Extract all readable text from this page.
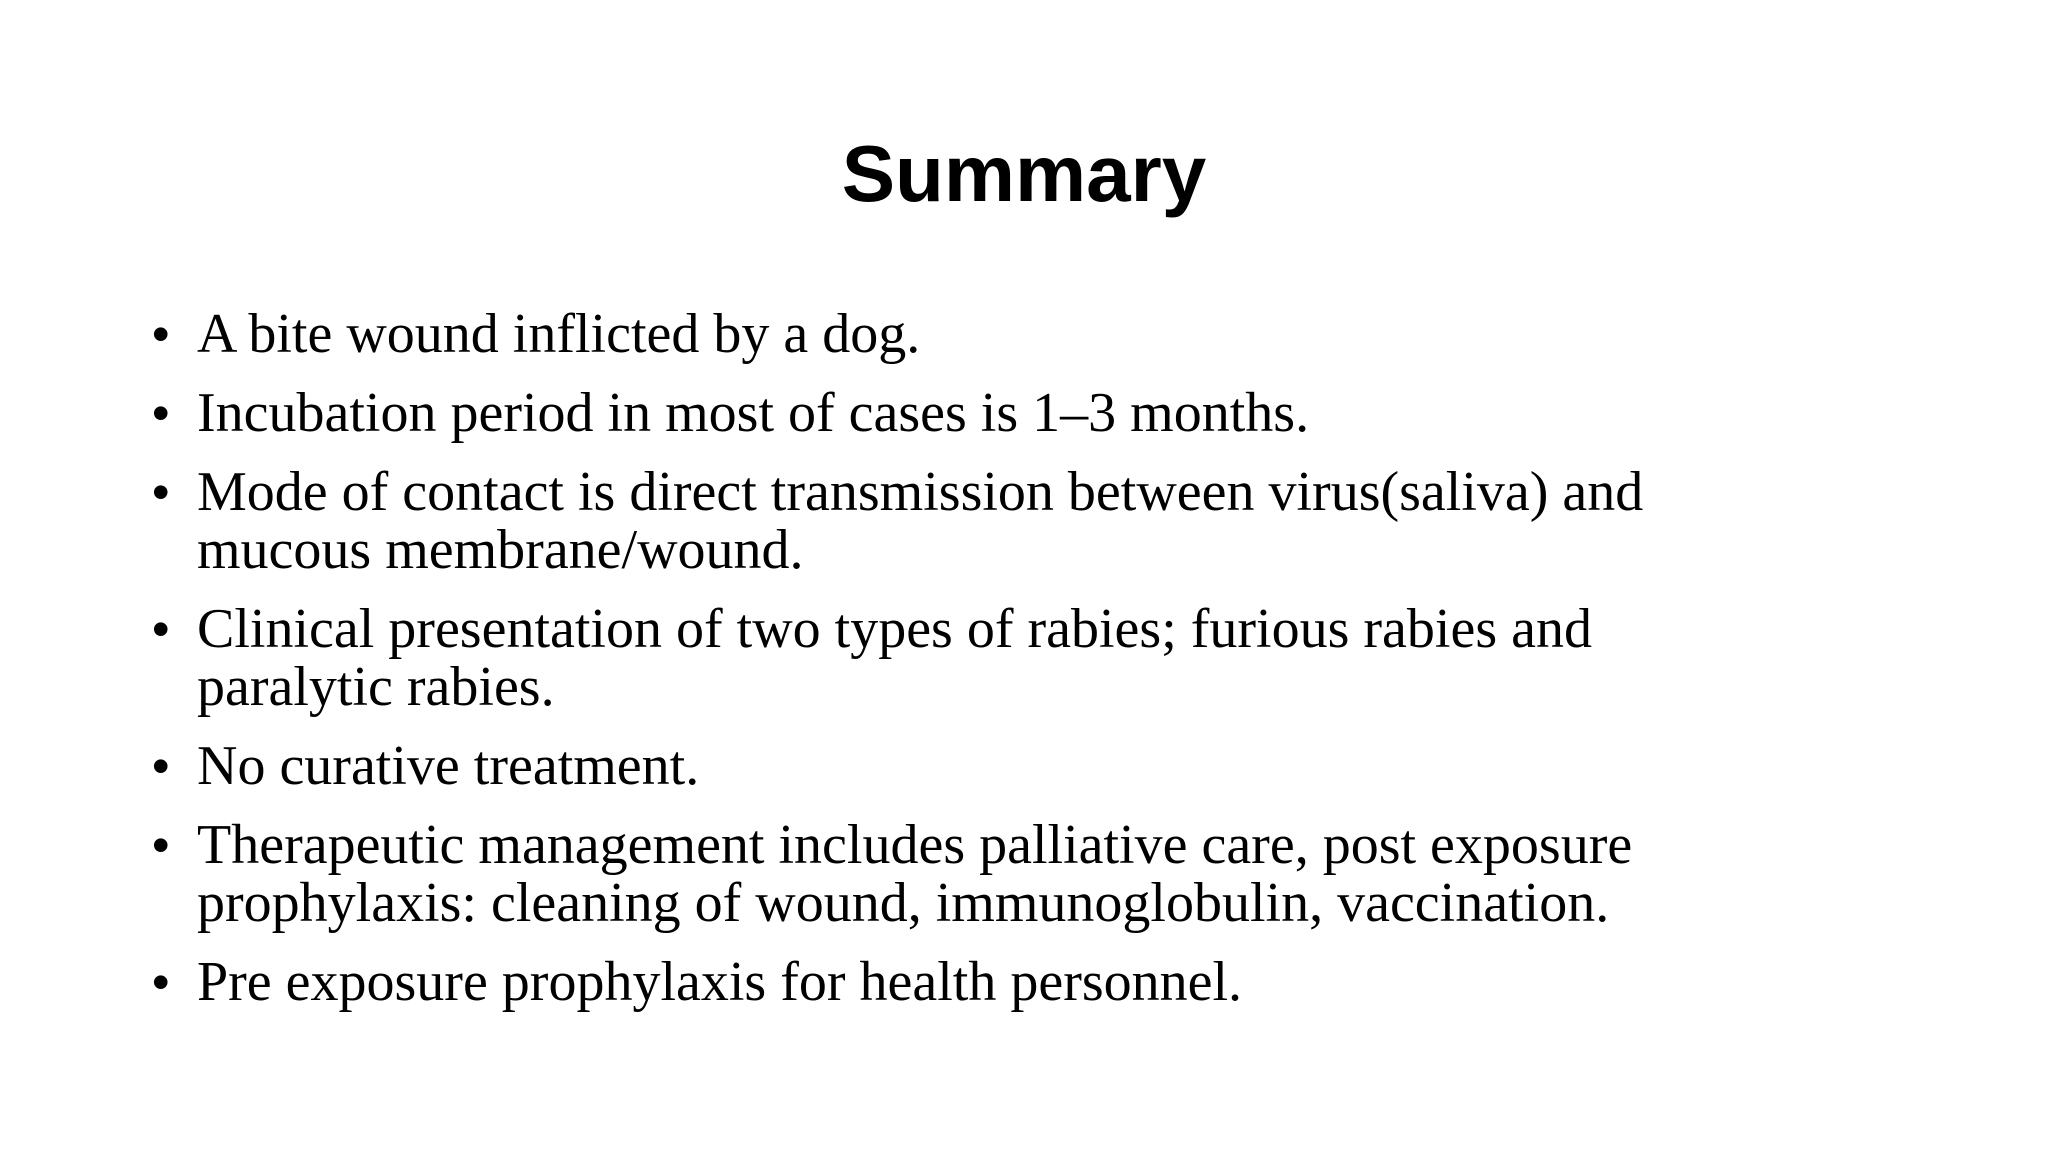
Summary
• A bite wound inflicted by a dog.
• Incubation period in most of cases is 1–3 months.
• Mode of contact is direct transmission between virus(saliva) and
mucous membrane/wound.
• Clinical presentation of two types of rabies; furious rabies and
paralytic rabies.
• No curative treatment.
• Therapeutic management includes palliative care, post exposure
prophylaxis: cleaning of wound, immunoglobulin, vaccination.
• Pre exposure prophylaxis for health personnel.
